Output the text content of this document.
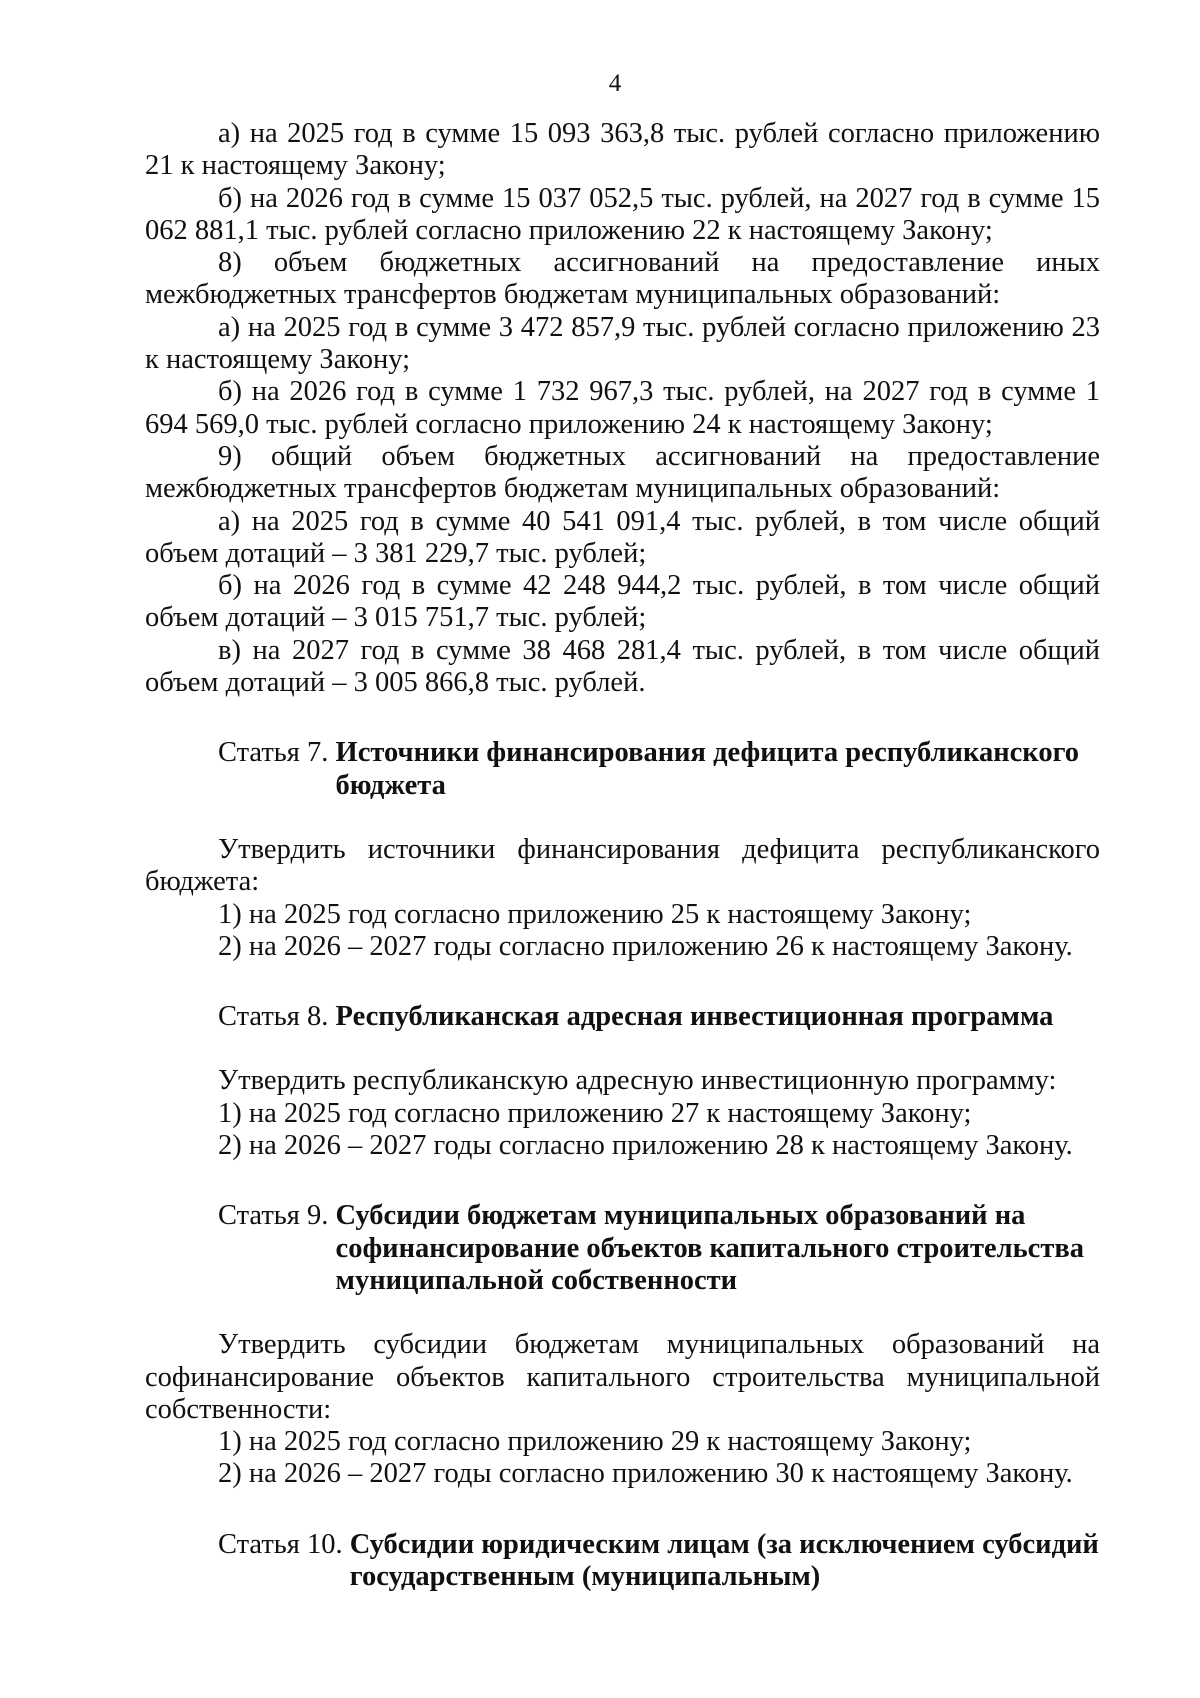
4

а) на 2025 год в сумме 15 093 363,8 тыс. рублей согласно приложению 21 к настоящему Закону;

б) на 2026 год в сумме 15 037 052,5 тыс. рублей, на 2027 год в сумме 15 062 881,1 тыс. рублей согласно приложению 22 к настоящему Закону;

8) объем бюджетных ассигнований на предоставление иных межбюджетных трансфертов бюджетам муниципальных образований:

а) на 2025 год в сумме 3 472 857,9 тыс. рублей согласно приложению 23 к настоящему Закону;

б) на 2026 год в сумме 1 732 967,3 тыс. рублей, на 2027 год в сумме 1 694 569,0 тыс. рублей согласно приложению 24 к настоящему Закону;

9) общий объем бюджетных ассигнований на предоставление межбюджетных трансфертов бюджетам муниципальных образований:

а) на 2025 год в сумме 40 541 091,4 тыс. рублей, в том числе общий объем дотаций – 3 381 229,7 тыс. рублей;

б) на 2026 год в сумме 42 248 944,2 тыс. рублей, в том числе общий объем дотаций – 3 015 751,7 тыс. рублей;

в) на 2027 год в сумме 38 468 281,4 тыс. рублей, в том числе общий объем дотаций – 3 005 866,8 тыс. рублей.

Статья 7. Источники финансирования дефицита республиканского бюджета

Утвердить источники финансирования дефицита республиканского бюджета:

1) на 2025 год согласно приложению 25 к настоящему Закону;

2) на 2026 – 2027 годы согласно приложению 26 к настоящему Закону.

Статья 8. Республиканская адресная инвестиционная программа

Утвердить республиканскую адресную инвестиционную программу:

1) на 2025 год согласно приложению 27 к настоящему Закону;

2) на 2026 – 2027 годы согласно приложению 28 к настоящему Закону.

Статья 9. Субсидии бюджетам муниципальных образований на софинансирование объектов капитального строительства муниципальной собственности

Утвердить субсидии бюджетам муниципальных образований на софинансирование объектов капитального строительства муниципальной собственности:

1) на 2025 год согласно приложению 29 к настоящему Закону;

2) на 2026 – 2027 годы согласно приложению 30 к настоящему Закону.

Статья 10. Субсидии юридическим лицам (за исключением субсидий государственным (муниципальным)
